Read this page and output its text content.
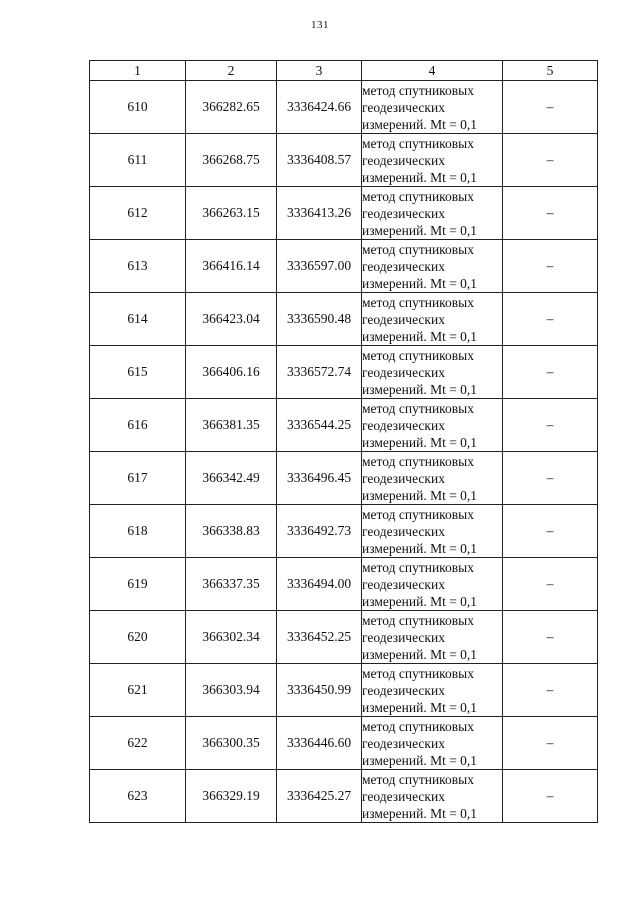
131
1	2	3	4	5
610	366282.65	3336424.66	метод спутниковых
геодезических
измерений. Mt = 0,1	–
611	366268.75	3336408.57	метод спутниковых
геодезических
измерений. Mt = 0,1	–
612	366263.15	3336413.26	метод спутниковых
геодезических
измерений. Mt = 0,1	–
613	366416.14	3336597.00	метод спутниковых
геодезических
измерений. Mt = 0,1	–
614	366423.04	3336590.48	метод спутниковых
геодезических
измерений. Mt = 0,1	–
615	366406.16	3336572.74	метод спутниковых
геодезических
измерений. Mt = 0,1	–
616	366381.35	3336544.25	метод спутниковых
геодезических
измерений. Mt = 0,1	–
617	366342.49	3336496.45	метод спутниковых
геодезических
измерений. Mt = 0,1	–
618	366338.83	3336492.73	метод спутниковых
геодезических
измерений. Mt = 0,1	–
619	366337.35	3336494.00	метод спутниковых
геодезических
измерений. Mt = 0,1	–
620	366302.34	3336452.25	метод спутниковых
геодезических
измерений. Mt = 0,1	–
621	366303.94	3336450.99	метод спутниковых
геодезических
измерений. Mt = 0,1	–
622	366300.35	3336446.60	метод спутниковых
геодезических
измерений. Mt = 0,1	–
623	366329.19	3336425.27	метод спутниковых
геодезических
измерений. Mt = 0,1	–
